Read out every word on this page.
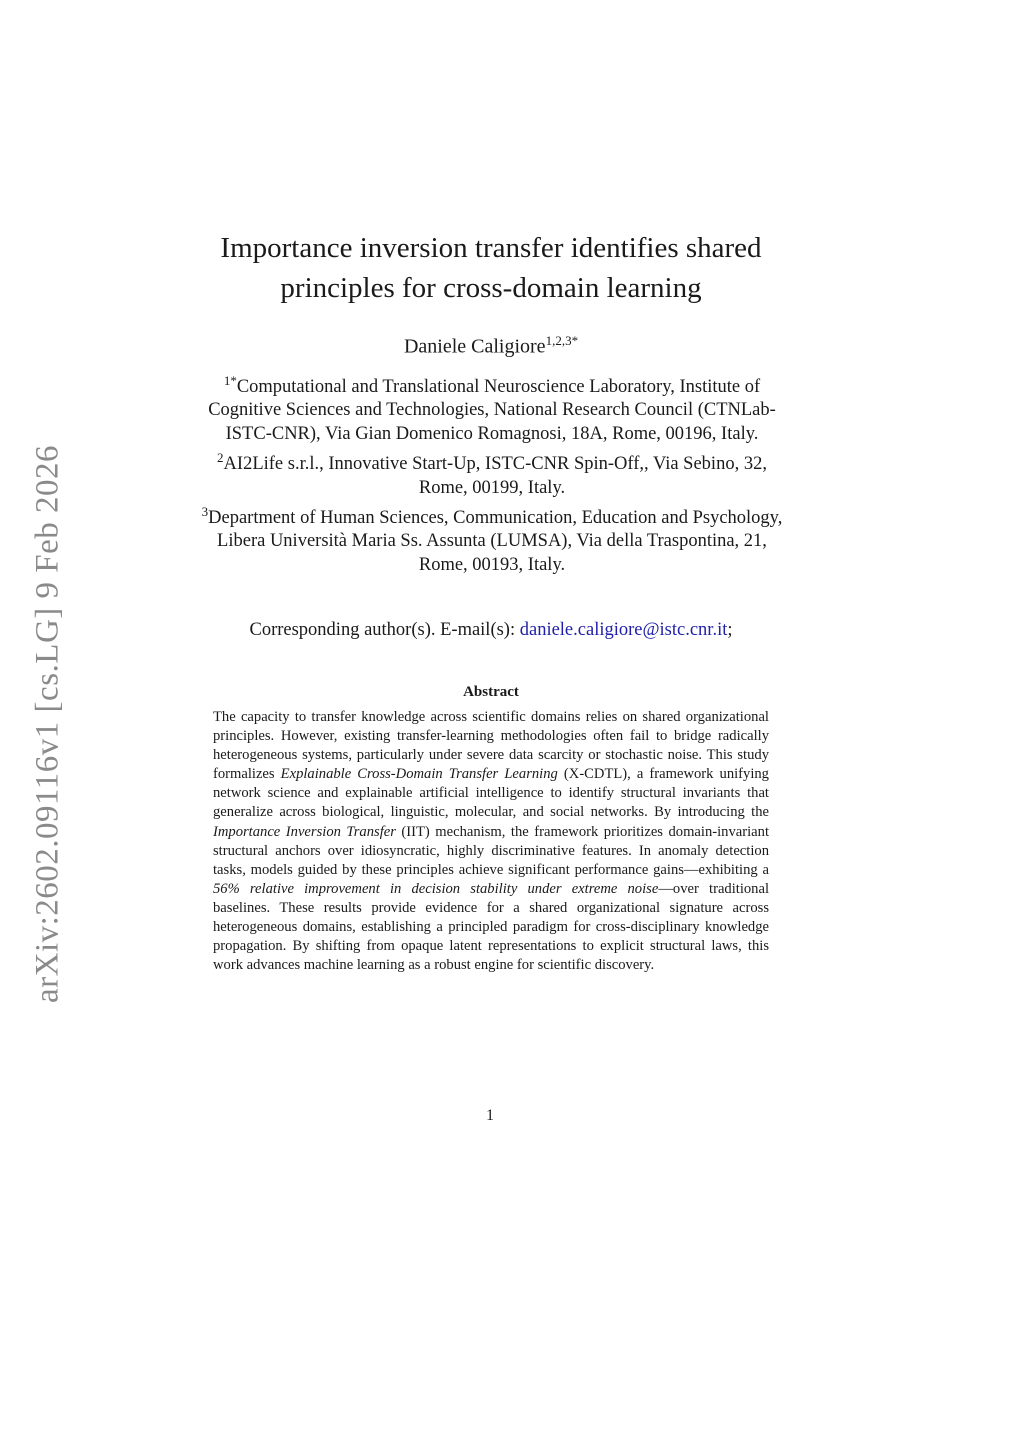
arXiv:2602.09116v1 [cs.LG] 9 Feb 2026
Importance inversion transfer identifies shared principles for cross-domain learning
Daniele Caligiore$^{1,2,3*}$

$^{1*}$Computational and Translational Neuroscience Laboratory, Institute of Cognitive Sciences and Technologies, National Research Council (CTNLab-ISTC-CNR), Via Gian Domenico Romagnosi, 18A, Rome, 00196, Italy.

$^2$AI2Life s.r.l., Innovative Start-Up, ISTC-CNR Spin-Off,, Via Sebino, 32, Rome, 00199, Italy.

$^3$Department of Human Sciences, Communication, Education and Psychology, Libera Università Maria Ss. Assunta (LUMSA), Via della Traspontina, 21, Rome, 00193, Italy.

Corresponding author(s). E-mail(s): daniele.caligiore@istc.cnr.it;
Abstract

The capacity to transfer knowledge across scientific domains relies on shared organizational principles. However, existing transfer-learning methodologies often fail to bridge radically heterogeneous systems, particularly under severe data scarcity or stochastic noise. This study formalizes Explainable Cross-Domain Transfer Learning (X-CDTL), a framework unifying network science and explainable artificial intelligence to identify structural invariants that generalize across biological, linguistic, molecular, and social networks. By introducing the Importance Inversion Transfer (IIT) mechanism, the framework prioritizes domain-invariant structural anchors over idiosyncratic, highly discriminative features. In anomaly detection tasks, models guided by these principles achieve significant performance gains—exhibiting a 56% relative improvement in decision stability under extreme noise—over traditional baselines. These results provide evidence for a shared organizational signature across heterogeneous domains, establishing a principled paradigm for cross-disciplinary knowledge propagation. By shifting from opaque latent representations to explicit structural laws, this work advances machine learning as a robust engine for scientific discovery.

1
